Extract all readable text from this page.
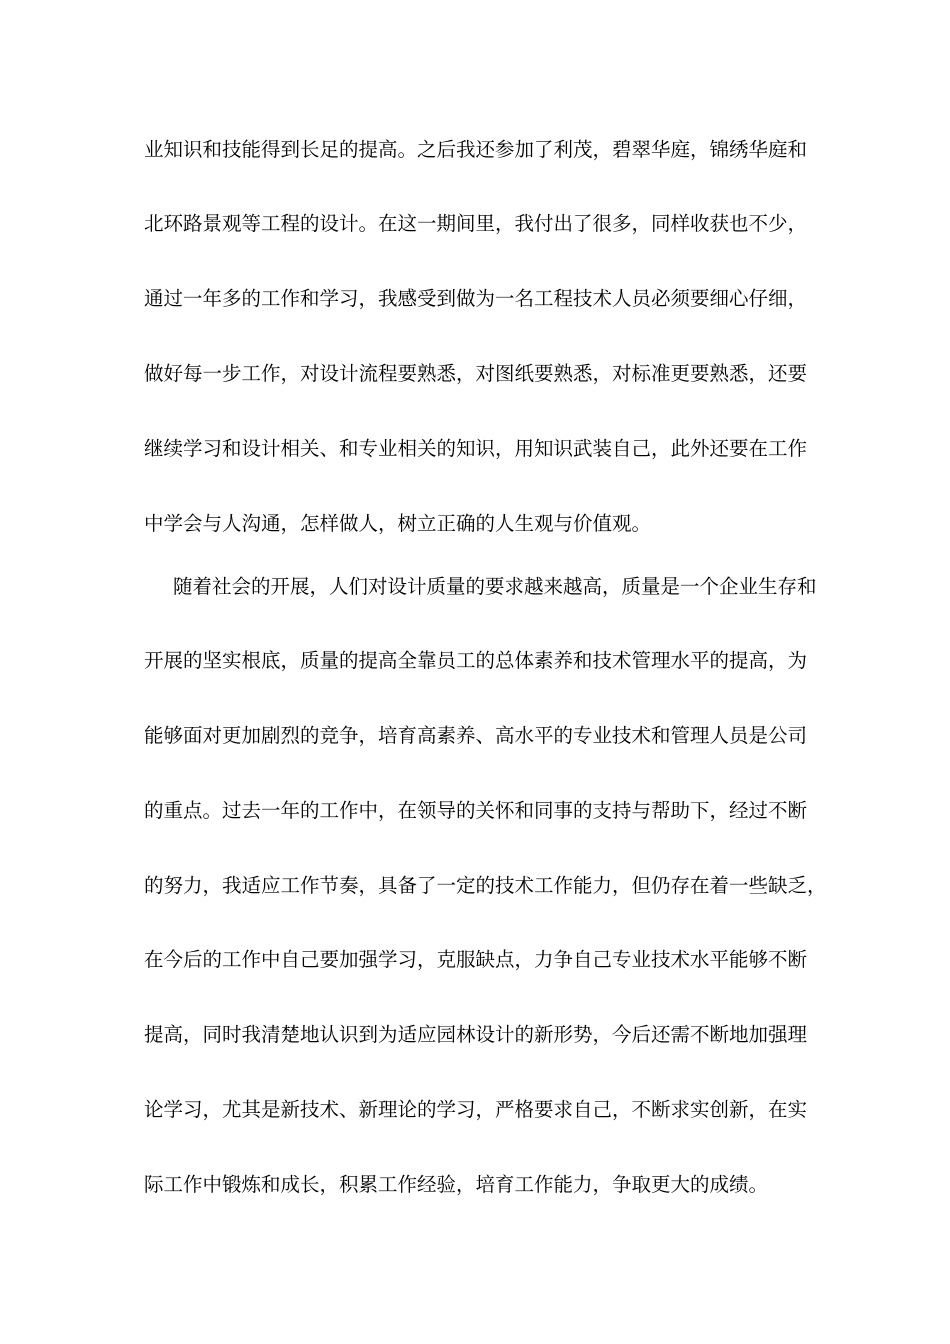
业知识和技能得到长足的提高。之后我还参加了利茂，碧翠华庭，锦绣华庭和
北环路景观等工程的设计。在这一期间里，我付出了很多，同样收获也不少，
通过一年多的工作和学习，我感受到做为一名工程技术人员必须要细心仔细，
做好每一步工作，对设计流程要熟悉，对图纸要熟悉，对标准更要熟悉，还要
继续学习和设计相关、和专业相关的知识，用知识武装自己，此外还要在工作
中学会与人沟通，怎样做人，树立正确的人生观与价值观。
随着社会的开展，人们对设计质量的要求越来越高，质量是一个企业生存和
开展的坚实根底，质量的提高全靠员工的总体素养和技术管理水平的提高，为
能够面对更加剧烈的竞争，培育高素养、高水平的专业技术和管理人员是公司
的重点。过去一年的工作中，在领导的关怀和同事的支持与帮助下，经过不断
的努力，我适应工作节奏，具备了一定的技术工作能力，但仍存在着一些缺乏，
在今后的工作中自己要加强学习，克服缺点，力争自己专业技术水平能够不断
提高，同时我清楚地认识到为适应园林设计的新形势，今后还需不断地加强理
论学习，尤其是新技术、新理论的学习，严格要求自己，不断求实创新，在实
际工作中锻炼和成长，积累工作经验，培育工作能力，争取更大的成绩。
